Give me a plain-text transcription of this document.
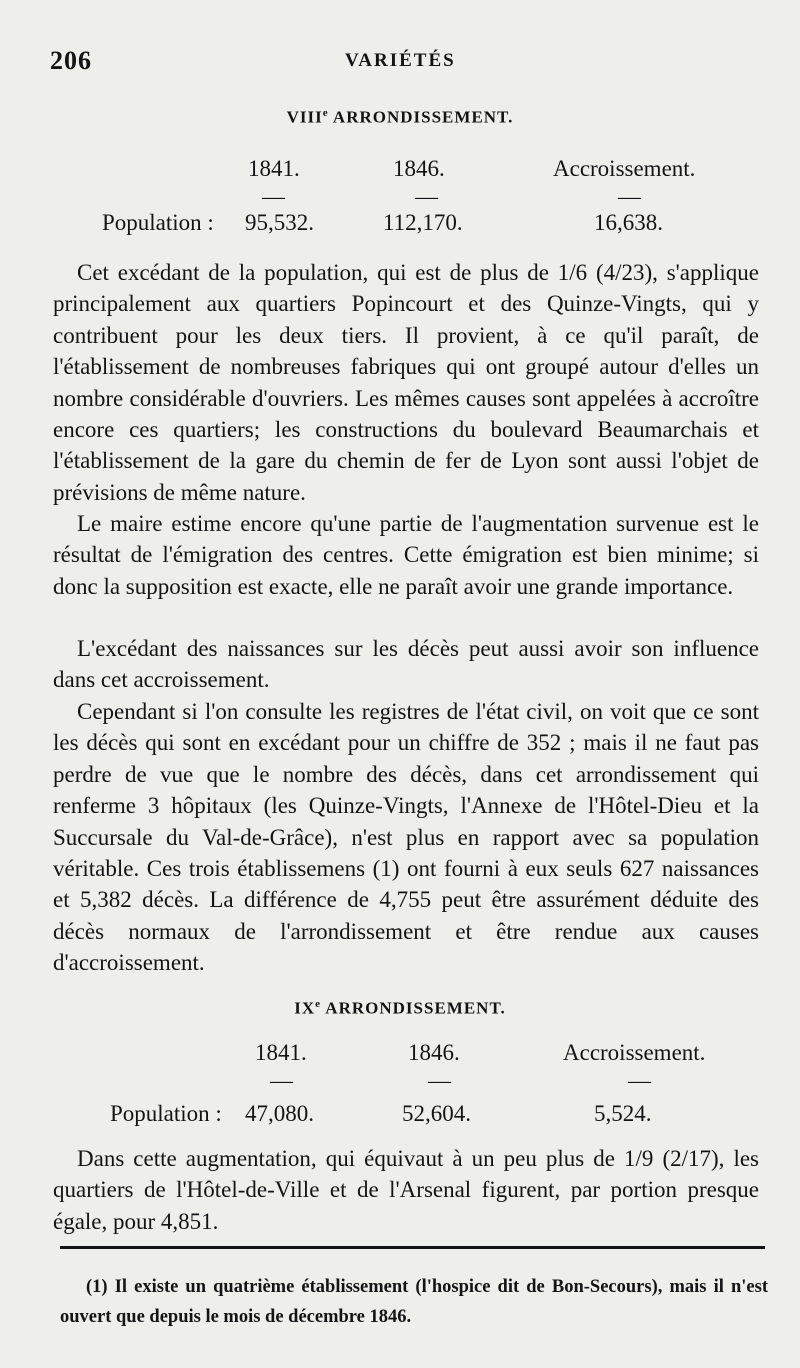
206	VARIÉTÉS
VIIIe ARRONDISSEMENT.
1841.	1846.	Accroissement.
—	—	—
Population : 95,532.	112,170.	16,638.

Cet excédant de la population, qui est de plus de 1/6 (4/23), s'applique principalement aux quartiers Popincourt et des Quinze-Vingts, qui y contribuent pour les deux tiers. Il provient, à ce qu'il paraît, de l'établissement de nombreuses fabriques qui ont groupé autour d'elles un nombre considérable d'ouvriers. Les mêmes causes sont appelées à accroître encore ces quartiers; les constructions du boulevard Beaumarchais et l'établissement de la gare du chemin de fer de Lyon sont aussi l'objet de prévisions de même nature.

Le maire estime encore qu'une partie de l'augmentation survenue est le résultat de l'émigration des centres. Cette émigration est bien minime; si donc la supposition est exacte, elle ne paraît avoir une grande importance.

L'excédant des naissances sur les décès peut aussi avoir son influence dans cet accroissement.

Cependant si l'on consulte les registres de l'état civil, on voit que ce sont les décès qui sont en excédant pour un chiffre de 352 ; mais il ne faut pas perdre de vue que le nombre des décès, dans cet arrondissement qui renferme 3 hôpitaux (les Quinze-Vingts, l'Annexe de l'Hôtel-Dieu et la Succursale du Val-de-Grâce), n'est plus en rapport avec sa population véritable. Ces trois établissemens (1) ont fourni à eux seuls 627 naissances et 5,382 décès. La différence de 4,755 peut être assurément déduite des décès normaux de l'arrondissement et être rendue aux causes d'accroissement.

IXe ARRONDISSEMENT.
1841.	1846.	Accroissement.
—	—	—
Population : 47,080.	52,604.	5,524.

Dans cette augmentation, qui équivaut à un peu plus de 1/9 (2/17), les quartiers de l'Hôtel-de-Ville et de l'Arsenal figurent, par portion presque égale, pour 4,851.

(1) Il existe un quatrième établissement (l'hospice dit de Bon-Secours), mais il n'est ouvert que depuis le mois de décembre 1846.
